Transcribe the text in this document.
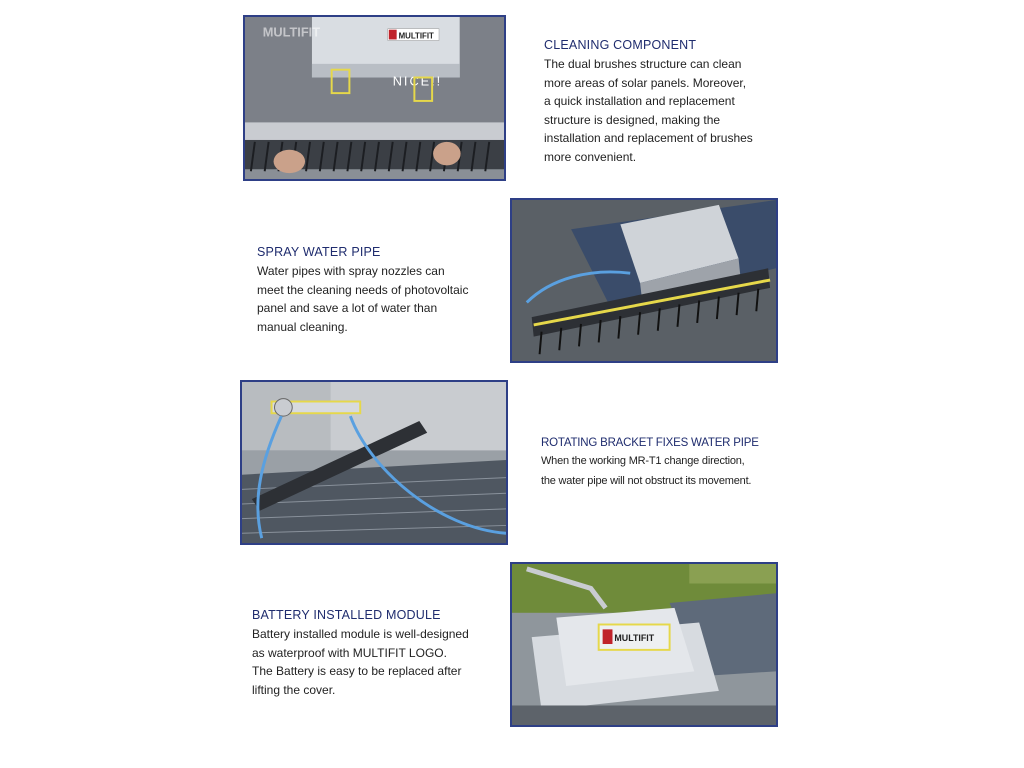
MULTIFIT
NICE!!
MULTIFIT
CLEANING COMPONENT

The dual brushes structure can clean
more areas of solar panels. Moreover,
a quick installation and replacement
structure is designed, making the
installation and replacement of brushes
more convenient.

SPRAY WATER PIPE

Water pipes with spray nozzles can
meet the cleaning needs of photovoltaic
panel and save a lot of water than
manual cleaning.

ROTATING BRACKET FIXES WATER PIPE

When the working MR-T1 change direction,
the water pipe will not obstruct its movement.

BATTERY INSTALLED MODULE

Battery installed module is well-designed
as waterproof with MULTIFIT LOGO.
The Battery is easy to be replaced after
lifting the cover.

MULTIFIT
